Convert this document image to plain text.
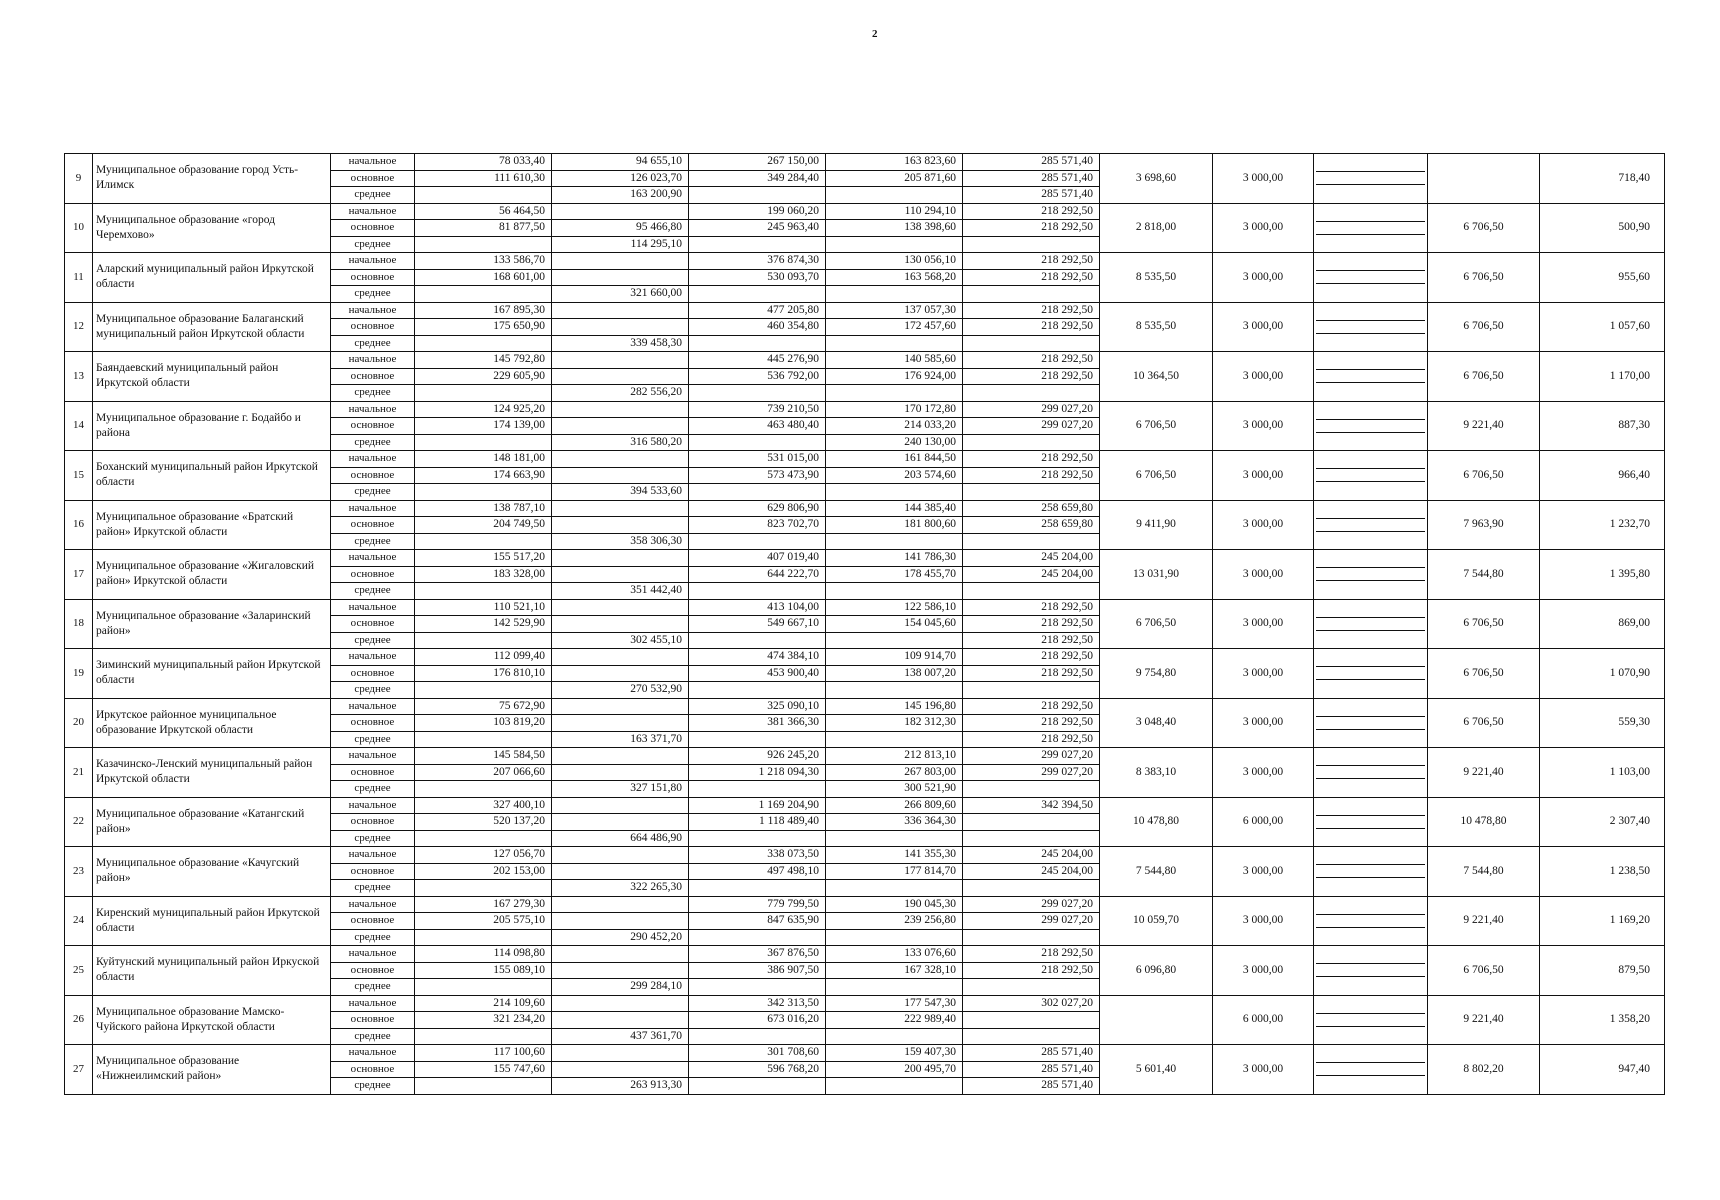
2
9	Муниципальное образование город Усть-Илимск	начальное	78 033,40	94 655,10	267 150,00	163 823,60	285 571,40	3 698,60	3 000,00			718,40
		основное	111 610,30	126 023,70	349 284,40	205 871,60	285 571,40					
		среднее		163 200,90			285 571,40					
10	Муниципальное образование «город Черемхово»	начальное	56 464,50		199 060,20	110 294,10	218 292,50	2 818,00	3 000,00		6 706,50	500,90
		основное	81 877,50	95 466,80	245 963,40	138 398,60	218 292,50					
		среднее		114 295,10								
11	Аларский муниципальный район Иркутской области	начальное	133 586,70		376 874,30	130 056,10	218 292,50	8 535,50	3 000,00		6 706,50	955,60
		основное	168 601,00		530 093,70	163 568,20	218 292,50					
		среднее		321 660,00								
12	Муниципальное образование Балаганский муниципальный район Иркутской области	начальное	167 895,30		477 205,80	137 057,30	218 292,50	8 535,50	3 000,00		6 706,50	1 057,60
		основное	175 650,90		460 354,80	172 457,60	218 292,50					
		среднее		339 458,30								
13	Баяндаевский муниципальный район Иркутской области	начальное	145 792,80		445 276,90	140 585,60	218 292,50	10 364,50	3 000,00		6 706,50	1 170,00
		основное	229 605,90		536 792,00	176 924,00	218 292,50					
		среднее		282 556,20								
14	Муниципальное образование г. Бодайбо и района	начальное	124 925,20		739 210,50	170 172,80	299 027,20	6 706,50	3 000,00		9 221,40	887,30
		основное	174 139,00		463 480,40	214 033,20	299 027,20					
		среднее		316 580,20		240 130,00						
15	Боханский муниципальный район Иркутской области	начальное	148 181,00		531 015,00	161 844,50	218 292,50	6 706,50	3 000,00		6 706,50	966,40
		основное	174 663,90		573 473,90	203 574,60	218 292,50					
		среднее		394 533,60								
16	Муниципальное образование «Братский район» Иркутской области	начальное	138 787,10		629 806,90	144 385,40	258 659,80	9 411,90	3 000,00		7 963,90	1 232,70
		основное	204 749,50		823 702,70	181 800,60	258 659,80					
		среднее		358 306,30								
17	Муниципальное образование «Жигаловский район» Иркутской области	начальное	155 517,20		407 019,40	141 786,30	245 204,00	13 031,90	3 000,00		7 544,80	1 395,80
		основное	183 328,00		644 222,70	178 455,70	245 204,00					
		среднее		351 442,40								
18	Муниципальное образование «Заларинский район»	начальное	110 521,10		413 104,00	122 586,10	218 292,50	6 706,50	3 000,00		6 706,50	869,00
		основное	142 529,90		549 667,10	154 045,60	218 292,50					
		среднее		302 455,10			218 292,50					
19	Зиминский муниципальный район Иркутской области	начальное	112 099,40		474 384,10	109 914,70	218 292,50	9 754,80	3 000,00		6 706,50	1 070,90
		основное	176 810,10		453 900,40	138 007,20	218 292,50					
		среднее		270 532,90								
20	Иркутское районное муниципальное образование Иркутской области	начальное	75 672,90		325 090,10	145 196,80	218 292,50	3 048,40	3 000,00		6 706,50	559,30
		основное	103 819,20		381 366,30	182 312,30	218 292,50					
		среднее		163 371,70			218 292,50					
21	Казачинско-Ленский муниципальный район Иркутской области	начальное	145 584,50		926 245,20	212 813,10	299 027,20	8 383,10	3 000,00		9 221,40	1 103,00
		основное	207 066,60		1 218 094,30	267 803,00	299 027,20					
		среднее		327 151,80		300 521,90						
22	Муниципальное образование «Катангский район»	начальное	327 400,10		1 169 204,90	266 809,60	342 394,50	10 478,80	6 000,00		10 478,80	2 307,40
		основное	520 137,20		1 118 489,40	336 364,30						
		среднее		664 486,90								
23	Муниципальное образование «Качугский район»	начальное	127 056,70		338 073,50	141 355,30	245 204,00	7 544,80	3 000,00		7 544,80	1 238,50
		основное	202 153,00		497 498,10	177 814,70	245 204,00					
		среднее		322 265,30								
24	Киренский муниципальный район Иркутской области	начальное	167 279,30		779 799,50	190 045,30	299 027,20	10 059,70	3 000,00		9 221,40	1 169,20
		основное	205 575,10		847 635,90	239 256,80	299 027,20					
		среднее		290 452,20								
25	Куйтунский муниципальный район Иркуской области	начальное	114 098,80		367 876,50	133 076,60	218 292,50	6 096,80	3 000,00		6 706,50	879,50
		основное	155 089,10		386 907,50	167 328,10	218 292,50					
		среднее		299 284,10								
26	Муниципальное образование Мамско-Чуйского района Иркутской области	начальное	214 109,60		342 313,50	177 547,30	302 027,20		6 000,00		9 221,40	1 358,20
		основное	321 234,20		673 016,20	222 989,40						
		среднее		437 361,70								
27	Муниципальное образование «Нижнеилимский район»	начальное	117 100,60		301 708,60	159 407,30	285 571,40	5 601,40	3 000,00		8 802,20	947,40
		основное	155 747,60		596 768,20	200 495,70	285 571,40					
		среднее		263 913,30			285 571,40					
